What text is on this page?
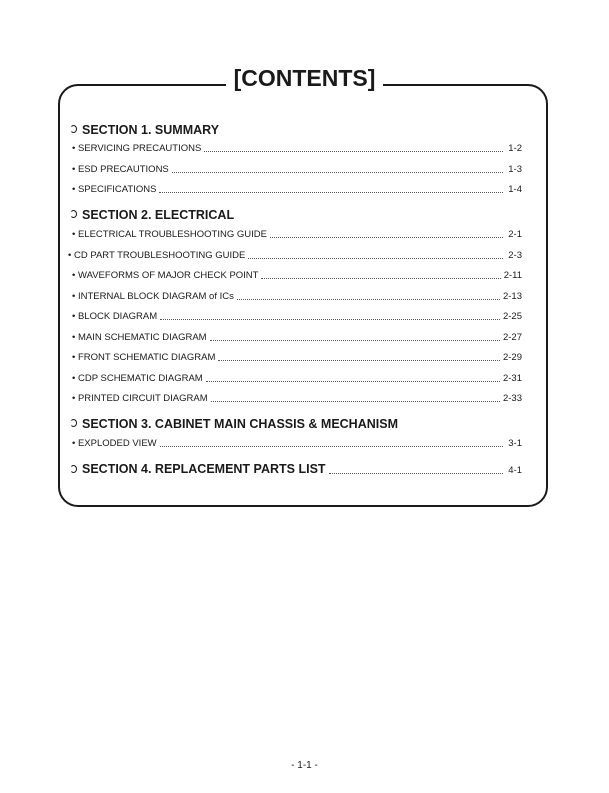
[CONTENTS]
SECTION 1. SUMMARY
•
SERVICING PRECAUTIONS	1-2
•
ESD PRECAUTIONS	1-3
•
SPECIFICATIONS	1-4
SECTION 2. ELECTRICAL
•
ELECTRICAL TROUBLESHOOTING GUIDE	2-1
•
CD PART TROUBLESHOOTING GUIDE	2-3
•
WAVEFORMS OF MAJOR CHECK POINT	2-11
•
INTERNAL BLOCK DIAGRAM of ICs	2-13
•
BLOCK DIAGRAM	2-25
•
MAIN SCHEMATIC DIAGRAM	2-27
•
FRONT SCHEMATIC DIAGRAM	2-29
•
CDP SCHEMATIC DIAGRAM	2-31
•
PRINTED CIRCUIT DIAGRAM	2-33
SECTION 3. CABINET MAIN CHASSIS & MECHANISM
•
EXPLODED VIEW	3-1
SECTION 4. REPLACEMENT PARTS LIST	4-1
- 1-1 -
